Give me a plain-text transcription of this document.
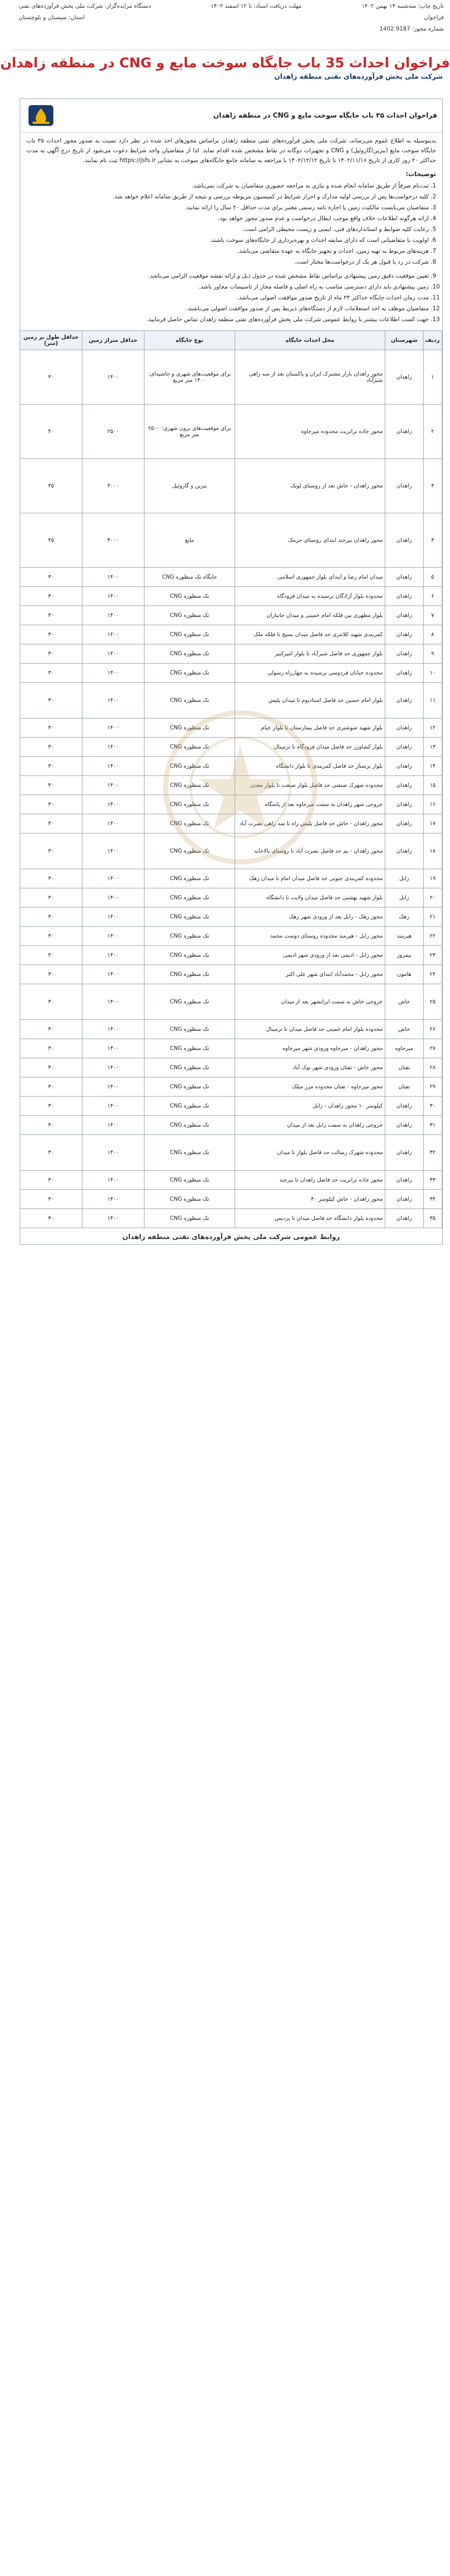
تاریخ چاپ: سه‌شنبه ۱۴ بهمن ۱۴۰۲
مهلت دریافت اسناد: تا ۱۲ اسفند ۱۴۰۲
دستگاه مزایده‌گزار: شرکت ملی پخش فرآورده‌های نفتی
فراخوان
استان: سیستان و بلوچستان
شماره مجوز: 1402.9187
فراخوان احداث 35 باب جایگاه سوخت مایع و CNG در منطقه زاهدان
شرکت ملی پخش فرآورده‌های نفتی منطقه زاهدان
فراخوان احداث ۳۵ باب جایگاه سوخت مایع و CNG در منطقه زاهدان
بدینوسیله به اطلاع عموم می‌رساند، شرکت ملی پخش فرآورده‌های نفتی منطقه زاهدان براساس مجوزهای اخذ شده در نظر دارد نسبت به صدور مجوز احداث ۳۵ باب جایگاه سوخت مایع (بنزین/گازوئیل) و CNG و تجهیزات دوگانه در نقاط مشخص شده اقدام نماید. لذا از متقاضیان واجد شرایط دعوت می‌شود از تاریخ درج آگهی به مدت حداکثر ۲۰ روز کاری از تاریخ ۱۴۰۲/۱۱/۱۶ تا تاریخ ۱۴۰۲/۱۲/۱۲ با مراجعه به سامانه جامع جایگاه‌های سوخت به نشانی https://jsfs.ir ثبت نام نمایند.
توضیحات:
1. ثبت‌نام صرفاً از طریق سامانه انجام شده و نیازی به مراجعه حضوری متقاضیان به شرکت نمی‌باشد.
2. کلیه درخواست‌ها پس از بررسی اولیه مدارک و احراز شرایط در کمیسیون مربوطه بررسی و نتیجه از طریق سامانه اعلام خواهد شد.
3. متقاضیان می‌بایست مالکیت زمین یا اجاره نامه رسمی معتبر برای مدت حداقل ۲۰ سال را ارائه نمایند.
4. ارائه هرگونه اطلاعات خلاف واقع موجب ابطال درخواست و عدم صدور مجوز خواهد بود.
5. رعایت کلیه ضوابط و استانداردهای فنی، ایمنی و زیست محیطی الزامی است.
6. اولویت با متقاضیانی است که دارای سابقه احداث و بهره‌برداری از جایگاه‌های سوخت باشند.
7. هزینه‌های مربوط به تهیه زمین، احداث و تجهیز جایگاه به عهده متقاضی می‌باشد.
8. شرکت در رد یا قبول هر یک از درخواست‌ها مختار است.
9. تعیین موقعیت دقیق زمین پیشنهادی براساس نقاط مشخص شده در جدول ذیل و ارائه نقشه موقعیت الزامی می‌باشد.
10. زمین پیشنهادی باید دارای دسترسی مناسب به راه اصلی و فاصله مجاز از تاسیسات مجاور باشد.
11. مدت زمان احداث جایگاه حداکثر ۲۴ ماه از تاریخ صدور موافقت اصولی می‌باشد.
12. متقاضیان موظف به اخذ استعلامات لازم از دستگاه‌های ذیربط پس از صدور موافقت اصولی می‌باشند.
13. جهت کسب اطلاعات بیشتر با روابط عمومی شرکت ملی پخش فرآورده‌های نفتی منطقه زاهدان تماس حاصل فرمایید.
ردیف	شهرستان	محل احداث جایگاه	نوع جایگاه	حداقل متراژ زمین	حداقل طول بر زمین (متر)
۱	زاهدان	محور زاهدان بازار مشترک ایران و پاکستان بعد از سه راهی شیرآباد	برای موقعیت‌های شهری و حاشیه‌ای: ۱۴۰۰ متر مربع	۱۴۰۰	۳۰
۲	زاهدان	محور جاده ترانزیت محدوده میرجاوه	برای موقعیت‌های برون شهری: ۲۵۰۰ متر مربع	۲۵۰۰	۴۰
۳	زاهدان	محور زاهدان - خاش بعد از روستای لوتک	بنزین و گازوئیل	۳۰۰۰	۴۵
۴	زاهدان	محور زاهدان بیرجند ابتدای روستای حرمک	مایع	۳۰۰۰	۴۵
۵	زاهدان	میدان امام رضا و ابتدای بلوار جمهوری اسلامی	جایگاه تک منظوره CNG	۱۴۰۰	۳۰
۶	زاهدان	محدوده بلوار آزادگان نرسیده به میدان فرودگاه	تک منظوره CNG	۱۴۰۰	۳۰
۷	زاهدان	بلوار مطهری بین فلکه امام خمینی و میدان جانبازان	تک منظوره CNG	۱۴۰۰	۳۰
۸	زاهدان	کمربندی شهید کلانتری حد فاصل میدان بسیج تا فلکه ملک	تک منظوره CNG	۱۴۰۰	۳۰
۹	زاهدان	بلوار جمهوری حد فاصل شیرآباد تا بلوار امیرکبیر	تک منظوره CNG	۱۴۰۰	۳۰
۱۰	زاهدان	محدوده خیابان فردوسی نرسیده به چهارراه رسولی	تک منظوره CNG	۱۴۰۰	۳۰
۱۱	زاهدان	بلوار امام حسین حد فاصل استادیوم تا میدان پلیس	تک منظوره CNG	۱۴۰۰	۳۰
۱۲	زاهدان	بلوار شهید شوشتری حد فاصل بیمارستان تا بلوار خیام	تک منظوره CNG	۱۴۰۰	۳۰
۱۳	زاهدان	بلوار کشاورز حد فاصل میدان فرودگاه تا ترمینال	تک منظوره CNG	۱۴۰۰	۳۰
۱۴	زاهدان	بلوار پرستار حد فاصل کمربندی تا بلوار دانشگاه	تک منظوره CNG	۱۴۰۰	۳۰
۱۵	زاهدان	محدوده شهرک صنعتی حد فاصل بلوار صنعت تا بلوار معدن	تک منظوره CNG	۱۴۰۰	۳۰
۱۶	زاهدان	خروجی شهر زاهدان به سمت میرجاوه بعد از پاسگاه	تک منظوره CNG	۱۴۰۰	۳۰
۱۷	زاهدان	محور زاهدان - خاش حد فاصل پلیس راه تا سه راهی نصرت آباد	تک منظوره CNG	۱۴۰۰	۳۰
۱۸	زاهدان	محور زاهدان - بم حد فاصل نصرت آباد تا روستای بالاخانه	تک منظوره CNG	۱۴۰۰	۳۰
۱۹	زابل	محدوده کمربندی جنوبی حد فاصل میدان امام تا میدان زهک	تک منظوره CNG	۱۴۰۰	۳۰
۲۰	زابل	بلوار شهید بهشتی حد فاصل میدان ولایت تا دانشگاه	تک منظوره CNG	۱۴۰۰	۳۰
۲۱	زهک	محور زهک - زابل بعد از ورودی شهر زهک	تک منظوره CNG	۱۴۰۰	۳۰
۲۲	هیرمند	محور زابل - هیرمند محدوده روستای دوست محمد	تک منظوره CNG	۱۴۰۰	۳۰
۲۳	نیمروز	محور زابل - ادیمی بعد از ورودی شهر ادیمی	تک منظوره CNG	۱۴۰۰	۳۰
۲۴	هامون	محور زابل - محمدآباد ابتدای شهر علی اکبر	تک منظوره CNG	۱۴۰۰	۳۰
۲۵	خاش	خروجی خاش به سمت ایرانشهر بعد از میدان	تک منظوره CNG	۱۴۰۰	۳۰
۲۶	خاش	محدوده بلوار امام خمینی حد فاصل میدان تا ترمینال	تک منظوره CNG	۱۴۰۰	۳۰
۲۷	میرجاوه	محور زاهدان - میرجاوه ورودی شهر میرجاوه	تک منظوره CNG	۱۴۰۰	۳۰
۲۸	تفتان	محور خاش - تفتان ورودی شهر نوک آباد	تک منظوره CNG	۱۴۰۰	۳۰
۲۹	تفتان	محور میرجاوه - تفتان محدوده مرز میلک	تک منظوره CNG	۱۴۰۰	۳۰
۳۰	زاهدان	کیلومتر ۱۰ محور زاهدان - زابل	تک منظوره CNG	۱۴۰۰	۳۰
۳۱	زاهدان	خروجی زاهدان به سمت زابل بعد از میدان	تک منظوره CNG	۱۴۰۰	۳۰
۳۲	زاهدان	محدوده شهرک رسالت حد فاصل بلوار تا میدان	تک منظوره CNG	۱۴۰۰	۳۰
۳۳	زاهدان	محور جاده ترانزیت حد فاصل زاهدان تا بیرجند	تک منظوره CNG	۱۴۰۰	۳۰
۳۴	زاهدان	محور زاهدان - خاش کیلومتر ۴۰	تک منظوره CNG	۱۴۰۰	۳۰
۳۵	زاهدان	محدوده بلوار دانشگاه حد فاصل میدان تا پردیس	تک منظوره CNG	۱۴۰۰	۳۰
روابط عمومی شرکت ملی پخش فرآورده‌های نفتی منطقه زاهدان
